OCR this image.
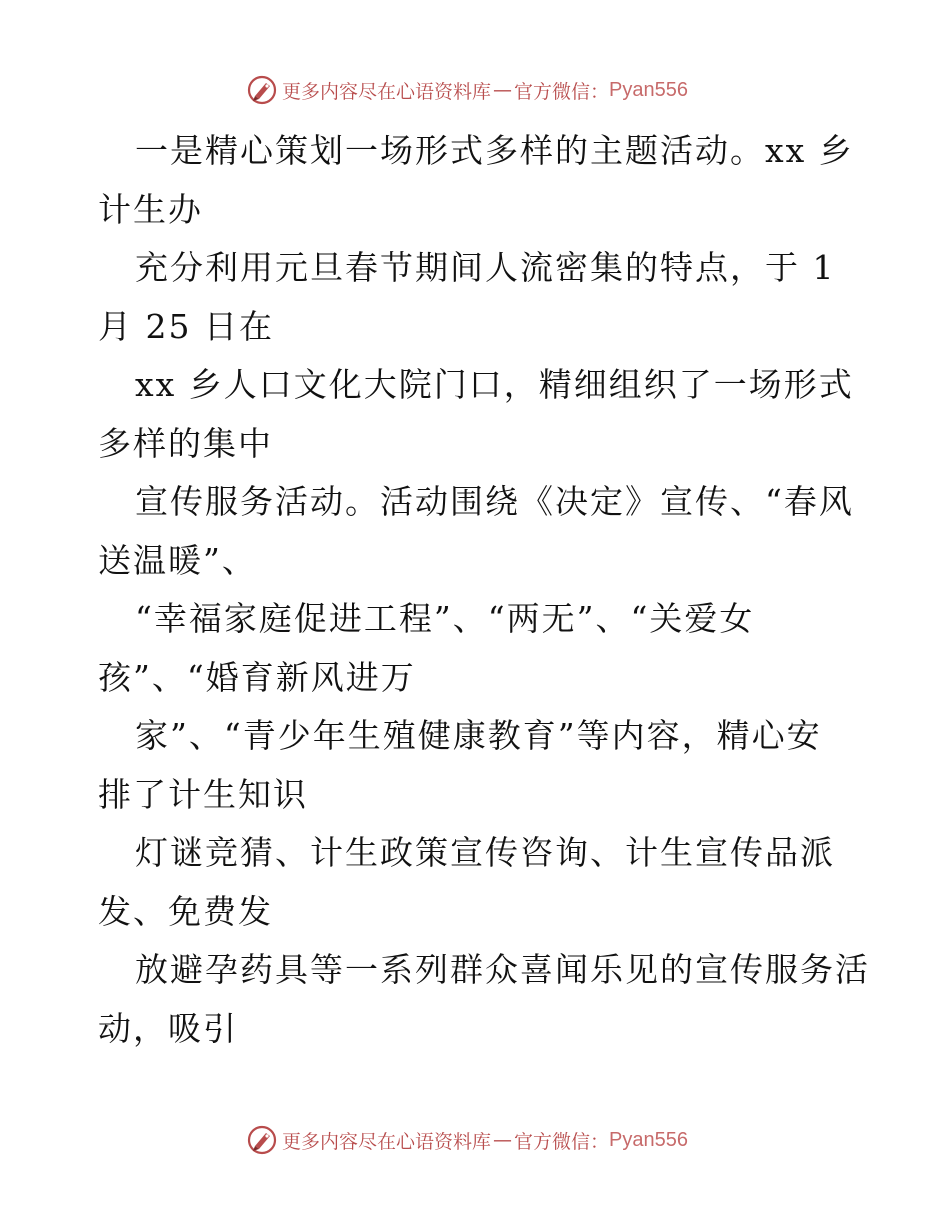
更多内容尽在心语资料库 — 官方微信： Pyan556
一是精心策划一场形式多样的主题活动。xx 乡
计生办
充分利用元旦春节期间人流密集的特点，于 1
月 25 日在
xx 乡人口文化大院门口，精细组织了一场形式
多样的集中
宣传服务活动。活动围绕《决定》宣传、“春风
送温暖”、
“幸福家庭促进工程”、“两无”、“关爱女
孩”、“婚育新风进万
家”、“青少年生殖健康教育”等内容，精心安
排了计生知识
灯谜竞猜、计生政策宣传咨询、计生宣传品派
发、免费发
放避孕药具等一系列群众喜闻乐见的宣传服务活
动，吸引
更多内容尽在心语资料库 — 官方微信： Pyan556
